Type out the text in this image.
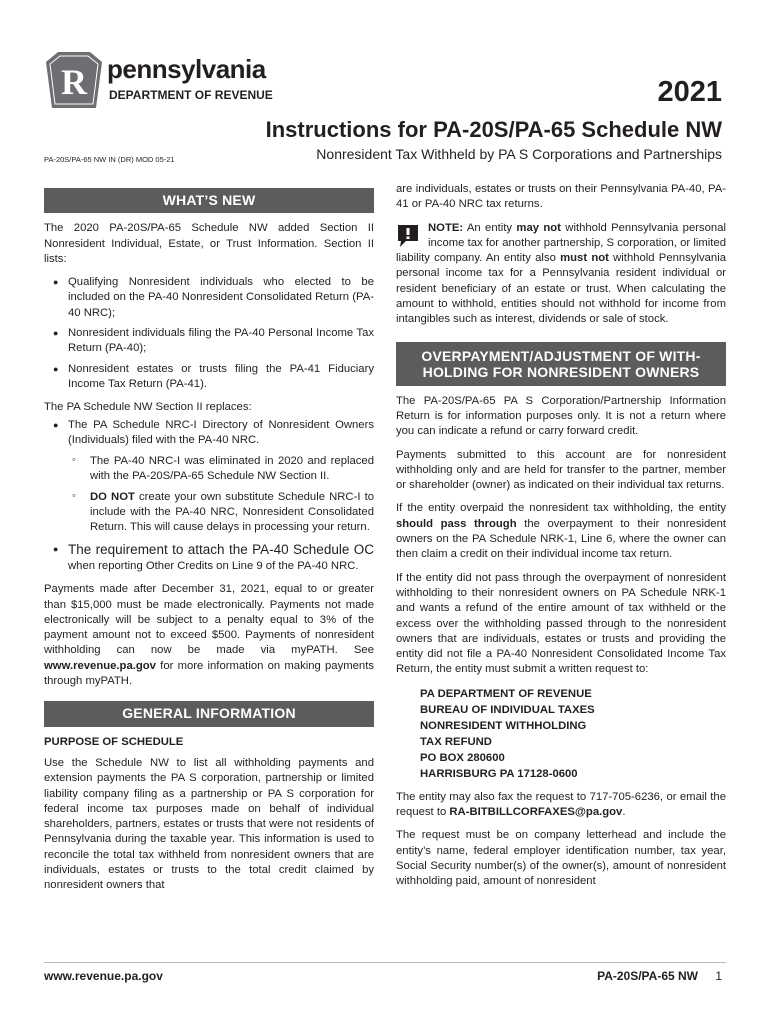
R pennsylvania
DEPARTMENT OF REVENUE	2021
Instructions for PA-20S/PA-65 Schedule NW
Nonresident Tax Withheld by PA S Corporations and Partnerships
PA-20S/PA-65 NW IN (DR) MOD 05-21
WHAT’S NEW

The 2020 PA-20S/PA-65 Schedule NW added Section II Nonresident Individual, Estate, or Trust Information. Section II lists:

● Qualifying Nonresident individuals who elected to be included on the PA-40 Nonresident Consolidated Return (PA-40 NRC);
● Nonresident individuals filing the PA-40 Personal Income Tax Return (PA-40);
● Nonresident estates or trusts filing the PA-41 Fiduciary Income Tax Return (PA-41).

The PA Schedule NW Section II replaces:

● The PA Schedule NRC-I Directory of Nonresident Owners (Individuals) filed with the PA-40 NRC.
◦ The PA-40 NRC-I was eliminated in 2020 and replaced with the PA-20S/PA-65 Schedule NW Section II.
◦ DO NOT create your own substitute Schedule NRC-I to include with the PA-40 NRC, Nonresident Consolidated Return. This will cause delays in processing your return.
● The requirement to attach the PA-40 Schedule OC when reporting Other Credits on Line 9 of the PA-40 NRC.

Payments made after December 31, 2021, equal to or greater than $15,000 must be made electronically. Payments not made electronically will be subject to a penalty equal to 3% of the payment amount not to exceed $500. Payments of nonresident withholding can now be made via myPATH. See www.revenue.pa.gov for more information on making payments through myPATH.

GENERAL INFORMATION
PURPOSE OF SCHEDULE

Use the Schedule NW to list all withholding payments and extension payments the PA S corporation, partnership or limited liability company filing as a partnership or PA S corporation for federal income tax purposes made on behalf of individual shareholders, partners, estates or trusts that were not residents of Pennsylvania during the taxable year. This information is used to reconcile the total tax withheld from nonresident owners that are individuals, estates or trusts to the total credit claimed by nonresident owners that

are individuals, estates or trusts on their Pennsylvania PA-40, PA-41 or PA-40 NRC tax returns.

NOTE: An entity may not withhold Pennsylvania personal income tax for another partnership, S corporation, or limited liability company. An entity also must not withhold Pennsylvania personal income tax for a Pennsylvania resident individual or resident beneficiary of an estate or trust. When calculating the amount to withhold, entities should not withhold for income from intangibles such as interest, dividends or sale of stock.

OVERPAYMENT/ADJUSTMENT OF WITH-
HOLDING FOR NONRESIDENT OWNERS

The PA-20S/PA-65 PA S Corporation/Partnership Information Return is for information purposes only. It is not a return where you can indicate a refund or carry forward credit.

Payments submitted to this account are for nonresident withholding only and are held for transfer to the partner, member or shareholder (owner) as indicated on their individual tax returns.

If the entity overpaid the nonresident tax withholding, the entity should pass through the overpayment to their nonresident owners on the PA Schedule NRK-1, Line 6, where the owner can then claim a credit on their individual income tax return.

If the entity did not pass through the overpayment of nonresident withholding to their nonresident owners on PA Schedule NRK-1 and wants a refund of the entire amount of tax withheld or the excess over the withholding passed through to the nonresident owners that are individuals, estates or trusts and providing the entity did not file a PA-40 Nonresident Consolidated Income Tax Return, the entity must submit a written request to:

PA DEPARTMENT OF REVENUE
BUREAU OF INDIVIDUAL TAXES
NONRESIDENT WITHHOLDING
TAX REFUND
PO BOX 280600
HARRISBURG PA 17128-0600

The entity may also fax the request to 717-705-6236, or email the request to RA-BITBILLCORFAXES@pa.gov.

The request must be on company letterhead and include the entity’s name, federal employer identification number, tax year, Social Security number(s) of the owner(s), amount of nonresident withholding paid, amount of nonresident

www.revenue.pa.gov	PA-20S/PA-65 NW 1
